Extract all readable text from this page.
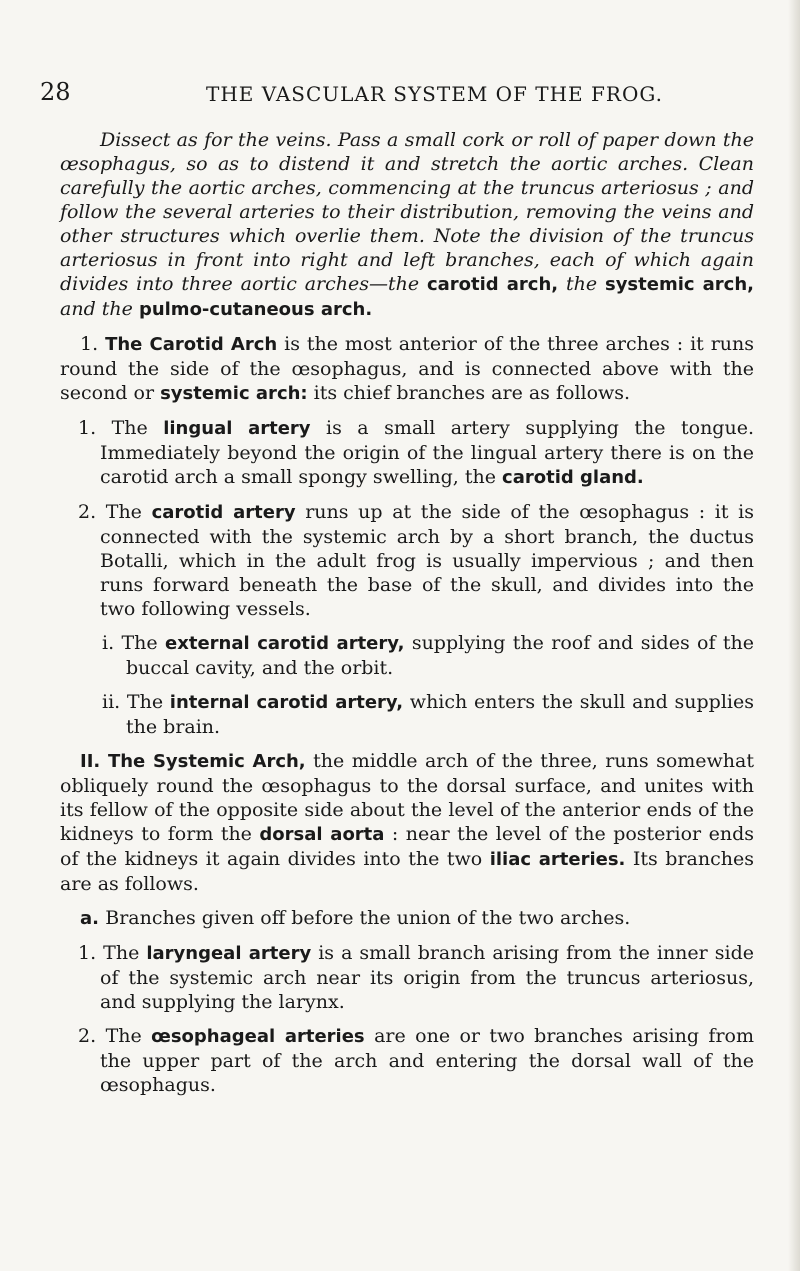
28	THE VASCULAR SYSTEM OF THE FROG.

Dissect as for the veins. Pass a small cork or roll of paper down the œsophagus, so as to distend it and stretch the aortic arches. Clean carefully the aortic arches, commencing at the truncus arteriosus ; and follow the several arteries to their distribution, removing the veins and other structures which overlie them. Note the division of the truncus arteriosus in front into right and left branches, each of which again divides into three aortic arches—the carotid arch, the systemic arch, and the pulmo-cutaneous arch.

1. The Carotid Arch is the most anterior of the three arches : it runs round the side of the œsophagus, and is connected above with the second or systemic arch: its chief branches are as follows.

1. The lingual artery is a small artery supplying the tongue. Immediately beyond the origin of the lingual artery there is on the carotid arch a small spongy swelling, the carotid gland.

2. The carotid artery runs up at the side of the œsophagus : it is connected with the systemic arch by a short branch, the ductus Botalli, which in the adult frog is usually impervious ; and then runs forward beneath the base of the skull, and divides into the two following vessels.

i. The external carotid artery, supplying the roof and sides of the buccal cavity, and the orbit.

ii. The internal carotid artery, which enters the skull and supplies the brain.

II. The Systemic Arch, the middle arch of the three, runs somewhat obliquely round the œsophagus to the dorsal surface, and unites with its fellow of the opposite side about the level of the anterior ends of the kidneys to form the dorsal aorta : near the level of the posterior ends of the kidneys it again divides into the two iliac arteries. Its branches are as follows.

a. Branches given off before the union of the two arches.

1. The laryngeal artery is a small branch arising from the inner side of the systemic arch near its origin from the truncus arteriosus, and supplying the larynx.

2. The œsophageal arteries are one or two branches arising from the upper part of the arch and entering the dorsal wall of the œsophagus.
